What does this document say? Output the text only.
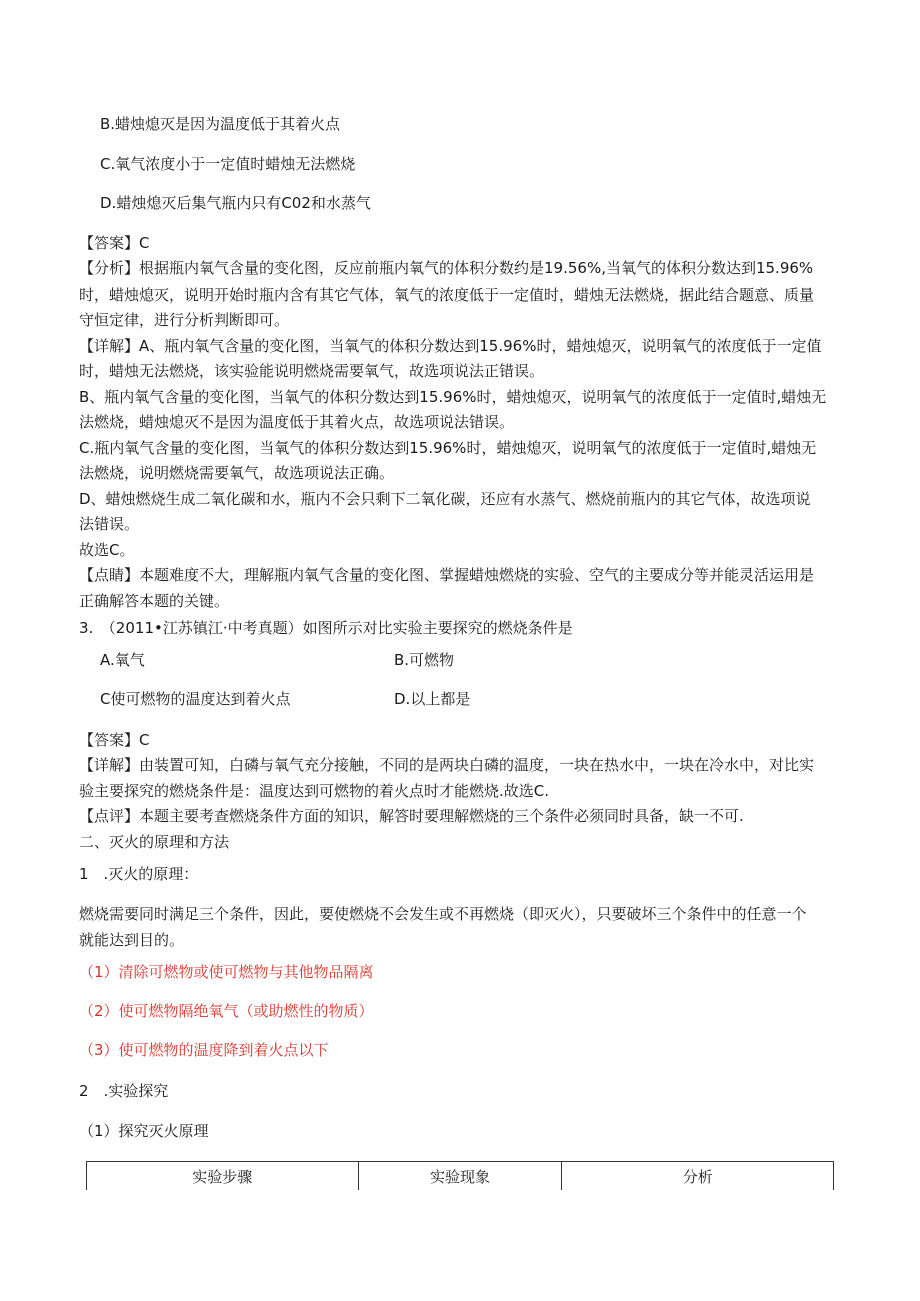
B.蜡烛熄灭是因为温度低于其着火点
C.氧气浓度小于一定值时蜡烛无法燃烧
D.蜡烛熄灭后集气瓶内只有C02和水蒸气
【答案】C
【分析】根据瓶内氧气含量的变化图，反应前瓶内氧气的体积分数约是19.56%,当氧气的体积分数达到15.96%
时，蜡烛熄灭，说明开始时瓶内含有其它气体，氧气的浓度低于一定值时，蜡烛无法燃烧，据此结合题意、质量
守恒定律，进行分析判断即可。
【详解】A、瓶内氧气含量的变化图，当氧气的体积分数达到15.96%时，蜡烛熄灭，说明氧气的浓度低于一定值
时，蜡烛无法燃烧，该实验能说明燃烧需要氧气，故选项说法正错误。
B、瓶内氧气含量的变化图，当氧气的体积分数达到15.96%时，蜡烛熄灭，说明氧气的浓度低于一定值时,蜡烛无
法燃烧，蜡烛熄灭不是因为温度低于其着火点，故选项说法错误。
C.瓶内氧气含量的变化图，当氧气的体积分数达到15.96%时，蜡烛熄灭，说明氧气的浓度低于一定值时,蜡烛无
法燃烧，说明燃烧需要氧气，故选项说法正确。
D、蜡烛燃烧生成二氧化碳和水，瓶内不会只剩下二氧化碳，还应有水蒸气、燃烧前瓶内的其它气体，故选项说
法错误。
故选C。
【点睛】本题难度不大，理解瓶内氧气含量的变化图、掌握蜡烛燃烧的实验、空气的主要成分等并能灵活运用是
正确解答本题的关键。
3.　（2011•江苏镇江·中考真题）如图所示对比实验主要探究的燃烧条件是
A.氧气	B.可燃物
C使可燃物的温度达到着火点	D.以上都是
【答案】C
【详解】由装置可知，白磷与氧气充分接触，不同的是两块白磷的温度，一块在热水中，一块在冷水中，对比实
验主要探究的燃烧条件是：温度达到可燃物的着火点时才能燃烧.故选C.
【点评】本题主要考查燃烧条件方面的知识，解答时要理解燃烧的三个条件必须同时具备，缺一不可.
二、灭火的原理和方法
1　.灭火的原理：
燃烧需要同时满足三个条件，因此，要使燃烧不会发生或不再燃烧（即灭火），只要破坏三个条件中的任意一个
就能达到目的。
（1）清除可燃物或使可燃物与其他物品隔离
（2）使可燃物隔绝氧气（或助燃性的物质）
（3）使可燃物的温度降到着火点以下
2　.实验探究
（1）探究灭火原理
实验步骤	实验现象	分析
